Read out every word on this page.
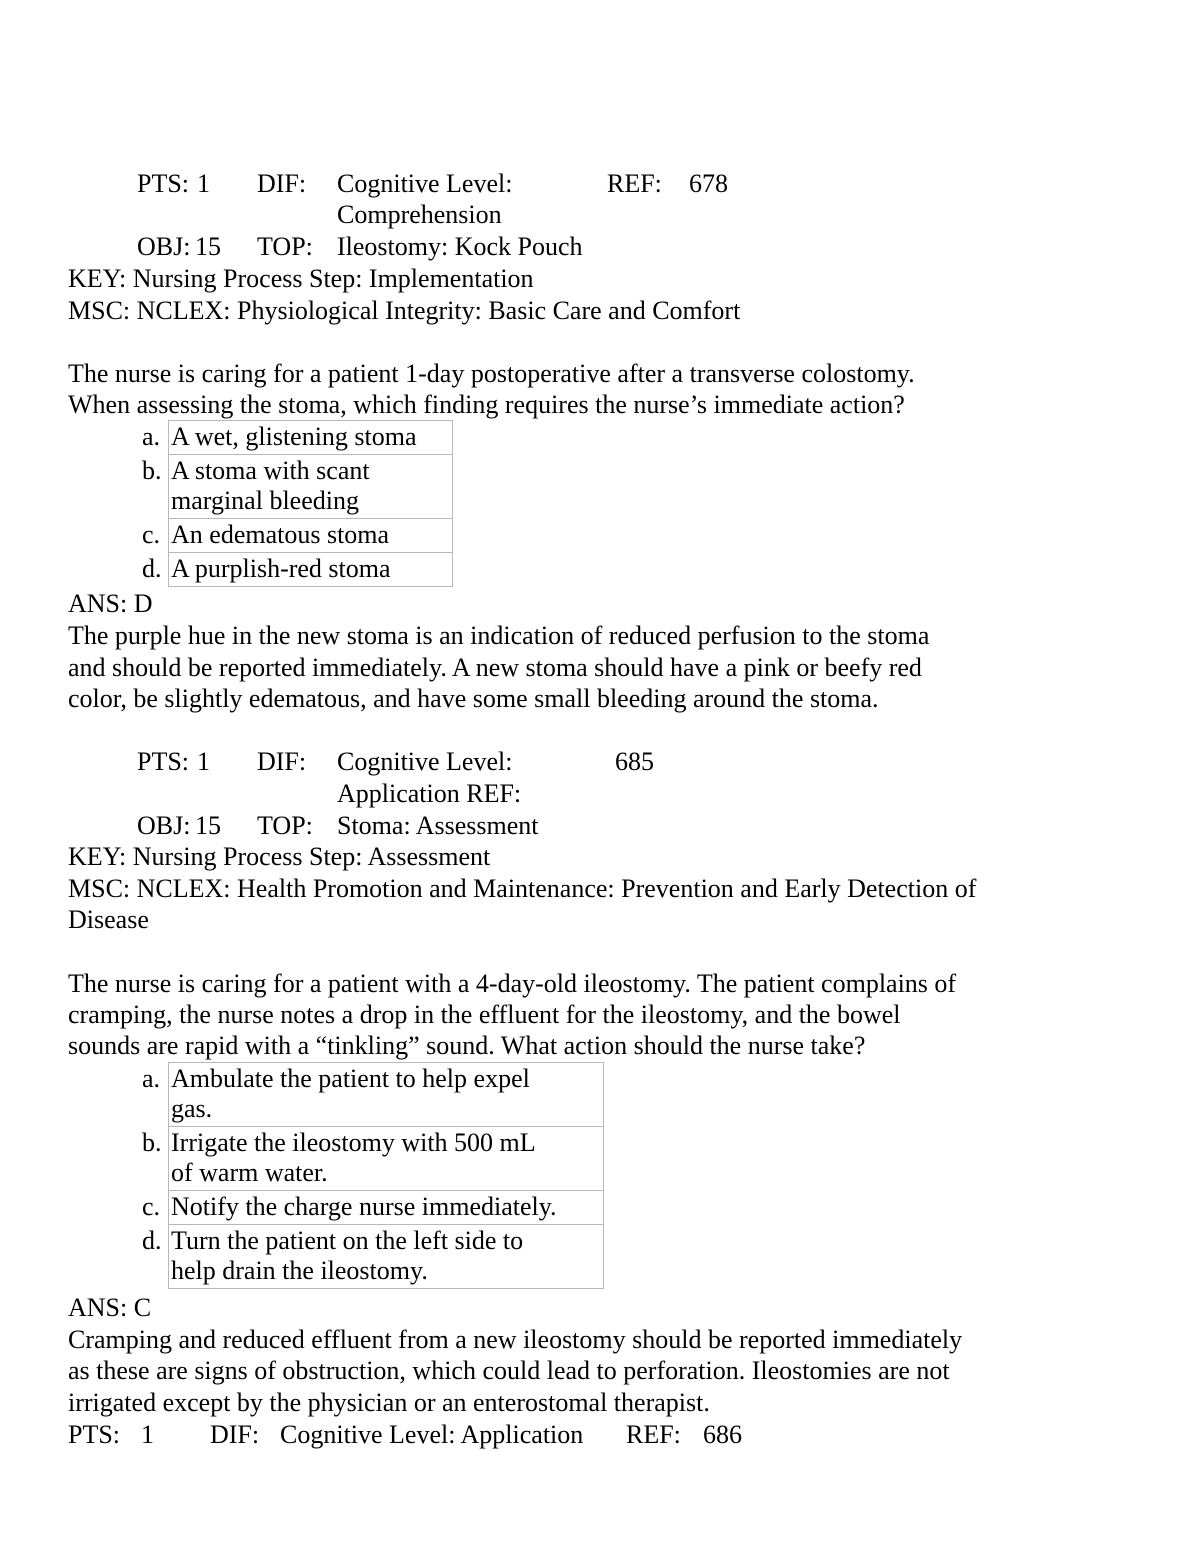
PTS: 1 DIF: Cognitive Level:
Comprehension
REF: 678
OBJ: 15 TOP: Ileostomy: Kock Pouch
KEY: Nursing Process Step: Implementation
MSC: NCLEX: Physiological Integrity: Basic Care and Comfort
The nurse is caring for a patient 1-day postoperative after a transverse colostomy.
When assessing the stoma, which finding requires the nurse’s immediate action?
a.	A wet, glistening stoma
b.	A stoma with scant
marginal bleeding
c.	An edematous stoma
d.	A purplish-red stoma
ANS: D
The purple hue in the new stoma is an indication of reduced perfusion to the stoma
and should be reported immediately. A new stoma should have a pink or beefy red
color, be slightly edematous, and have some small bleeding around the stoma.
PTS: 1 DIF: Cognitive Level:
Application REF:
685
OBJ: 15 TOP: Stoma: Assessment
KEY: Nursing Process Step: Assessment
MSC: NCLEX: Health Promotion and Maintenance: Prevention and Early Detection of
Disease
The nurse is caring for a patient with a 4-day-old ileostomy. The patient complains of
cramping, the nurse notes a drop in the effluent for the ileostomy, and the bowel
sounds are rapid with a “tinkling” sound. What action should the nurse take?
a.	Ambulate the patient to help expel
gas.
b.	Irrigate the ileostomy with 500 mL
of warm water.
c.	Notify the charge nurse immediately.
d.	Turn the patient on the left side to
help drain the ileostomy.
ANS: C
Cramping and reduced effluent from a new ileostomy should be reported immediately
as these are signs of obstruction, which could lead to perforation. Ileostomies are not
irrigated except by the physician or an enterostomal therapist.
PTS: 1 DIF: Cognitive Level: Application REF: 686
